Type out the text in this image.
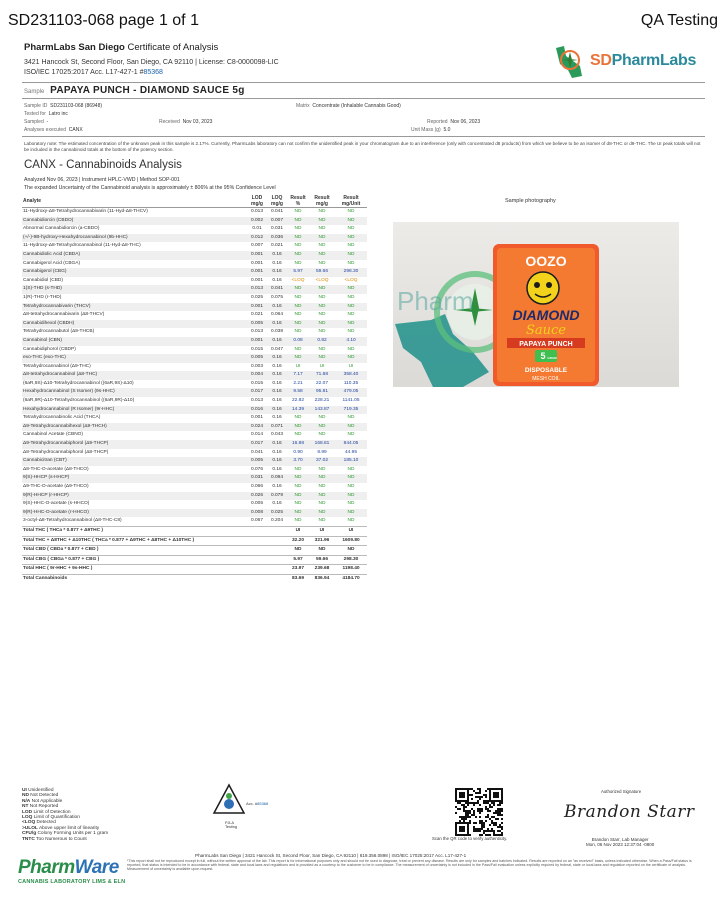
SD231103-068 page 1 of 1	QA Testing
PharmLabs San Diego Certificate of Analysis
3421 Hancock St, Second Floor, San Diego, CA 92110 | License: C8-0000098-LIC
ISO/IEC 17025:2017 Acc. L17-427-1 #85368
SDPharmLabs
Sample PAPAYA PUNCH - DIAMOND SAUCE 5g
Sample ID SD231103-068 (86948)
Tested for Latro inc
Sampled -	Received Nov 03, 2023
Analyses executed CANX
Matrix Concentrate (Inhalable Cannabis Good)
Reported Nov 06, 2023
Unit Mass (g) 5.0
Laboratory note: The estimated concentration of the unknown peak in this sample is 2.17%. Currently, PharmLabs laboratory can not confirm the unidentified peak in your chromatogram due to an interference (only with concentrated d8 products) from which we believe to be an isomer of d8-THC or d9-THC. The UI peak totals will not be included in the cannabinoid totals at the bottom of the potency section.
CANX - Cannabinoids Analysis
Analyzed Nov 06, 2023 | Instrument HPLC-VWD | Method SOP-001
The expanded Uncertainty of the Cannabinoid analysis is approximately ± 806% at the 95% Confidence Level
Analyte	LOD mg/g	LOQ mg/g	Result %	Result mg/g	Result mg/Unit
11-Hydroxy-Δ8-Tetrahydrocannabivarin (11-Hyd-Δ8-THCV)	0.013	0.041	ND	ND	ND
Cannabidiorcin (CBDO)	0.002	0.007	ND	ND	ND
Abnormal Cannabidiorcin (a-CBDO)	0.01	0.031	ND	ND	ND
(+/-)-9B-hydroxy-Hexahydrocannabinol (9b-HHC)	0.012	0.036	ND	ND	ND
11-Hydroxy-Δ8-Tetrahydrocannabinol (11-Hyd-Δ8-THC)	0.007	0.021	ND	ND	ND
Cannabidiolic Acid (CBDA)	0.001	0.16	ND	ND	ND
Cannabigerol Acid (CBGA)	0.001	0.16	ND	ND	ND
Cannabigerol (CBG)	0.001	0.16	5.97	59.66	298.30
Cannabidiol (CBD)	0.001	0.16	<LOQ	<LOQ	<LOQ
1(S)-THD (s-THD)	0.013	0.041	ND	ND	ND
1(R)-THD (r-THD)	0.025	0.075	ND	ND	ND
Tetrahydrocannabivarin (THCV)	0.001	0.16	ND	ND	ND
Δ8-tetrahydrocannabivarin (Δ8-THCV)	0.021	0.064	ND	ND	ND
Cannabidihexol (CBDH)	0.005	0.16	ND	ND	ND
Tetrahydrocannabutol (Δ9-THCB)	0.013	0.038	ND	ND	ND
Cannabinol (CBN)	0.001	0.16	0.08	0.82	4.10
Cannabidiphorol (CBDP)	0.015	0.047	ND	ND	ND
exo-THC (exo-THC)	0.005	0.16	ND	ND	ND
Tetrahydrocannabinol (Δ9-THC)	0.003	0.16	UI	UI	UI
Δ8-tetrahydrocannabinol (Δ8-THC)	0.004	0.16	7.17	71.68	358.40
(6aR,9S)-Δ10-Tetrahydrocannabinol ((6aR,9S)-Δ10)	0.015	0.16	2.21	22.07	110.35
Hexahydrocannabinol (S Isomer) (9s-HHC)	0.017	0.16	9.58	95.81	479.05
(6aR,9R)-Δ10-Tetrahydrocannabinol ((6aR,9R)-Δ10)	0.013	0.16	22.82	228.21	1141.05
Hexahydrocannabinol (R Isomer) (9r-HHC)	0.016	0.16	14.39	143.87	719.35
Tetrahydrocannabinolic Acid (THCA)	0.001	0.16	ND	ND	ND
Δ9-Tetrahydrocannabihexol (Δ9-THCH)	0.024	0.071	ND	ND	ND
Cannabinol Acetate (CBNO)	0.014	0.043	ND	ND	ND
Δ9-Tetrahydrocannabiphorol (Δ9-THCP)	0.017	0.16	16.88	168.81	844.05
Δ8-Tetrahydrocannabiphorol (Δ8-THCP)	0.041	0.16	0.90	8.99	44.95
Cannabicitran (CBT)	0.005	0.16	3.70	37.02	185.10
Δ8-THC-O-acetate (Δ8-THCO)	0.076	0.16	ND	ND	ND
9(S)-HHCP (s-HHCP)	0.031	0.094	ND	ND	ND
Δ9-THC-O-acetate (Δ9-THCO)	0.066	0.16	ND	ND	ND
9(R)-HHCP (r-HHCP)	0.026	0.079	ND	ND	ND
9(S)-HHC-O-acetate (s-HHCO)	0.005	0.16	ND	ND	ND
9(R)-HHC-O-acetate (r-HHCO)	0.008	0.025	ND	ND	ND
3-octyl-Δ8-Tetrahydrocannabinol (Δ8-THC-C8)	0.067	0.204	ND	ND	ND
Total THC ( THCa * 0.877 + Δ9THC )			UI	UI	UI
Total THC + Δ8THC + Δ10THC ( THCa * 0.877 + Δ9THC + Δ8THC + Δ10THC )			32.20	321.96	1609.80
Total CBD ( CBDa * 0.877 + CBD )			ND	ND	ND
Total CBG ( CBGa * 0.877 + CBG )			5.97	59.66	298.30
Total HHC ( 9r-HHC + 9s-HHC )			23.97	239.68	1198.40
Total Cannabinoids			83.69	836.94	4184.70
Sample photography
Pharm
OOZO
DIAMOND
Sauce
PAPAYA PUNCH
5 GRAM
DISPOSABLE
MESH COIL
UI Unidentified
ND Not Detected
N/A Not Applicable
NT Not Reported
LOD Limit of Detection
LOQ Limit of Quantification
<LOQ Detected
>ULOL Above upper limit of linearity
CFU/g Colony Forming Units per 1 gram
TNTC Too Numerous to Count
Acc. #85368
PJLA
Testing
Scan the QR code to verify authenticity.
Authorized Signature
Brandon Starr
Brandon Starr, Lab Manager
Mon, 06 Nov 2023 12:37:04 -0800
PharmLabs San Diego | 3421 Hancock St, Second Floor, San Diego, CA 92110 | 619.356.0898 | ISO/IEC 17025:2017 Acc. L17-427-1
*This report shall not be reproduced except in full, without the written approval of the lab. This report is for informational purposes only and should not be used to diagnose, treat or prevent any disease. Results are only for samples and batches indicated. Results are reported on an "as received" basis, unless indicated otherwise. When a Pass/Fail status is reported, that status is intended to be in accordance with federal, state and local laws and regulations and is provided as a courtesy to the customer to be in compliance. The measurement of uncertainty is not included in the Pass/Fail evaluation unless explicitly required by federal, state or local laws and regulation reported on the certificate of analysis. Measurement of uncertainty is available upon request.
PharmWare
CANNABIS LABORATORY LIMS & ELN
